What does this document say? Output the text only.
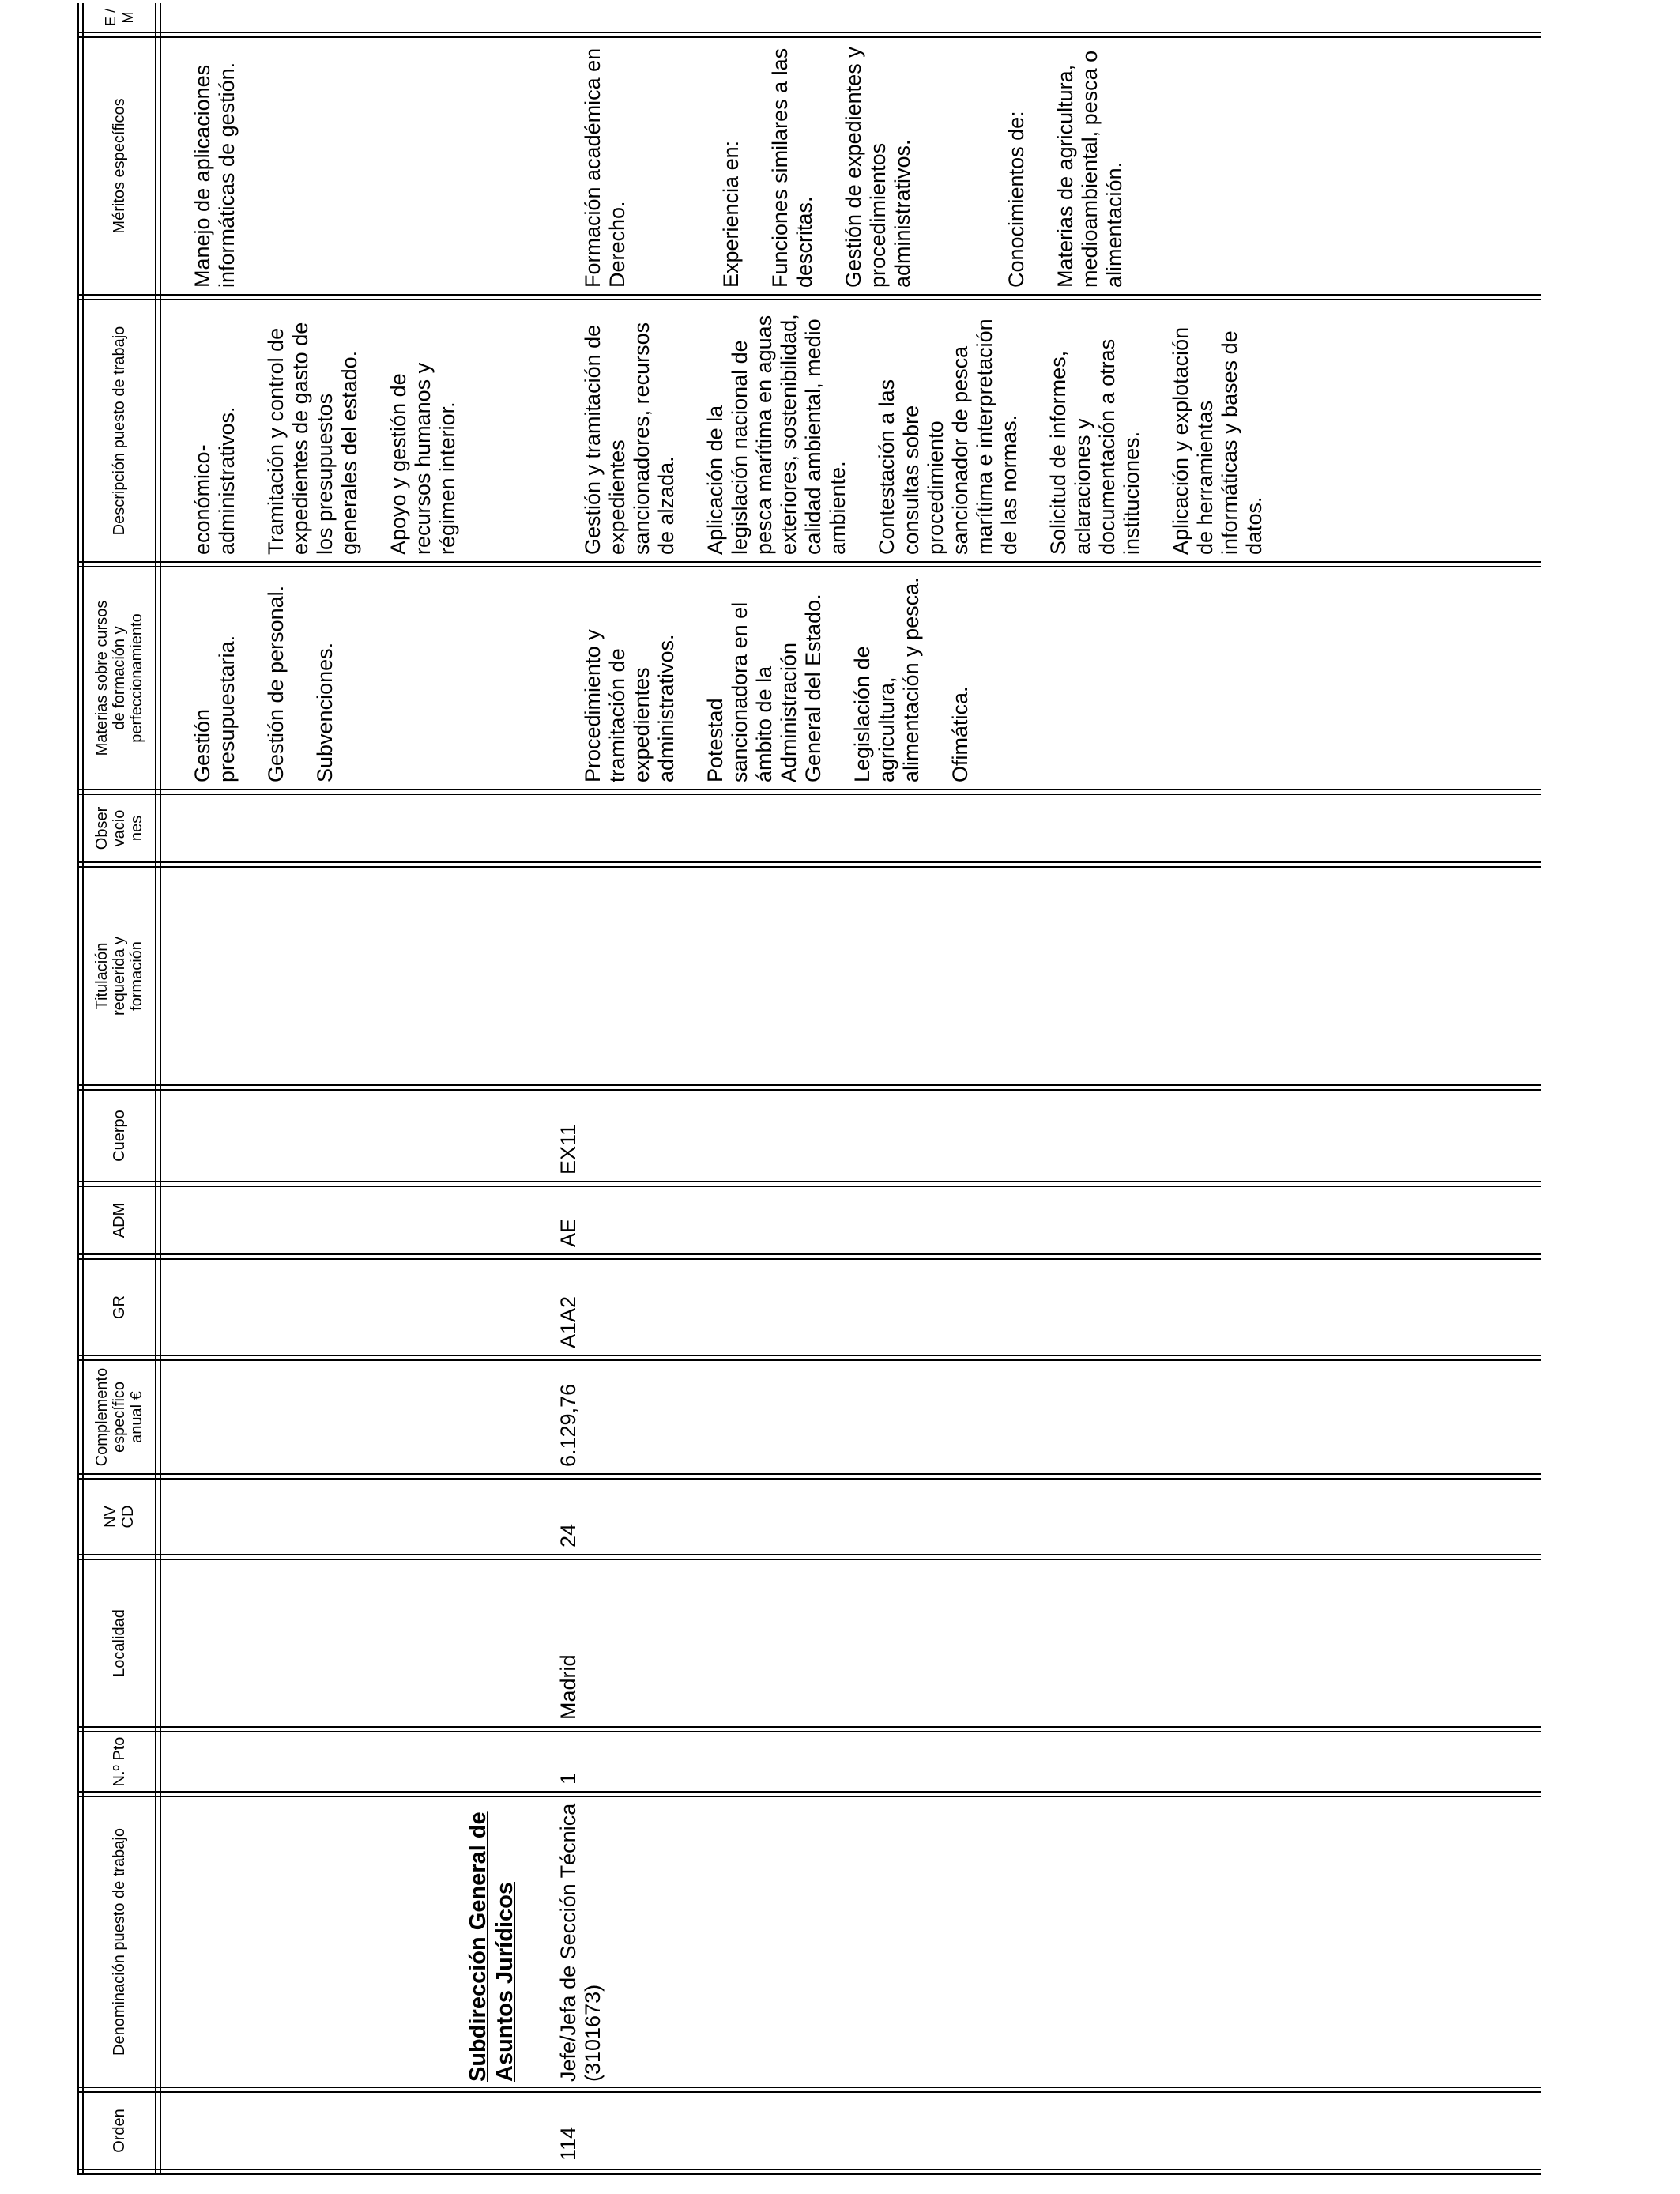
Orden
Denominación puesto de trabajo
N.º Pto
Localidad
NV CD
Complemento específico anual €
GR
ADM
Cuerpo
Titulación requerida y formación
Obser vacio nes
Materias sobre cursos de formación y perfeccionamiento
Descripción puesto de trabajo
Méritos específicos
E / M

Gestión presupuestaria. Gestión de personal. Subvenciones.

económico-administrativos. Tramitación y control de expedientes de gasto de los presupuestos generales del estado. Apoyo y gestión de recursos humanos y régimen interior.

Manejo de aplicaciones informáticas de gestión.

Subdirección General de Asuntos Jurídicos
114
Jefe/Jefa de Sección Técnica (3101673)
1
Madrid
24
6.129,76
A1A2
AE
EX11

Procedimiento y tramitación de expedientes administrativos. Potestad sancionadora en el ámbito de la Administración General del Estado. Legislación de agricultura, alimentación y pesca. Ofimática.

Gestión y tramitación de expedientes sancionadores, recursos de alzada. Aplicación de la legislación nacional de pesca marítima en aguas exteriores, sostenibilidad, calidad ambiental, medio ambiente. Contestación a las consultas sobre procedimiento sancionador de pesca marítima e interpretación de las normas. Solicitud de informes, aclaraciones y documentación a otras instituciones. Aplicación y explotación de herramientas informáticas y bases de datos.

Formación académica en Derecho.	Experiencia en: Funciones similares a las descritas. Gestión de expedientes y procedimientos administrativos.	Conocimientos de: Materias de agricultura, medioambiental, pesca o alimentación.
